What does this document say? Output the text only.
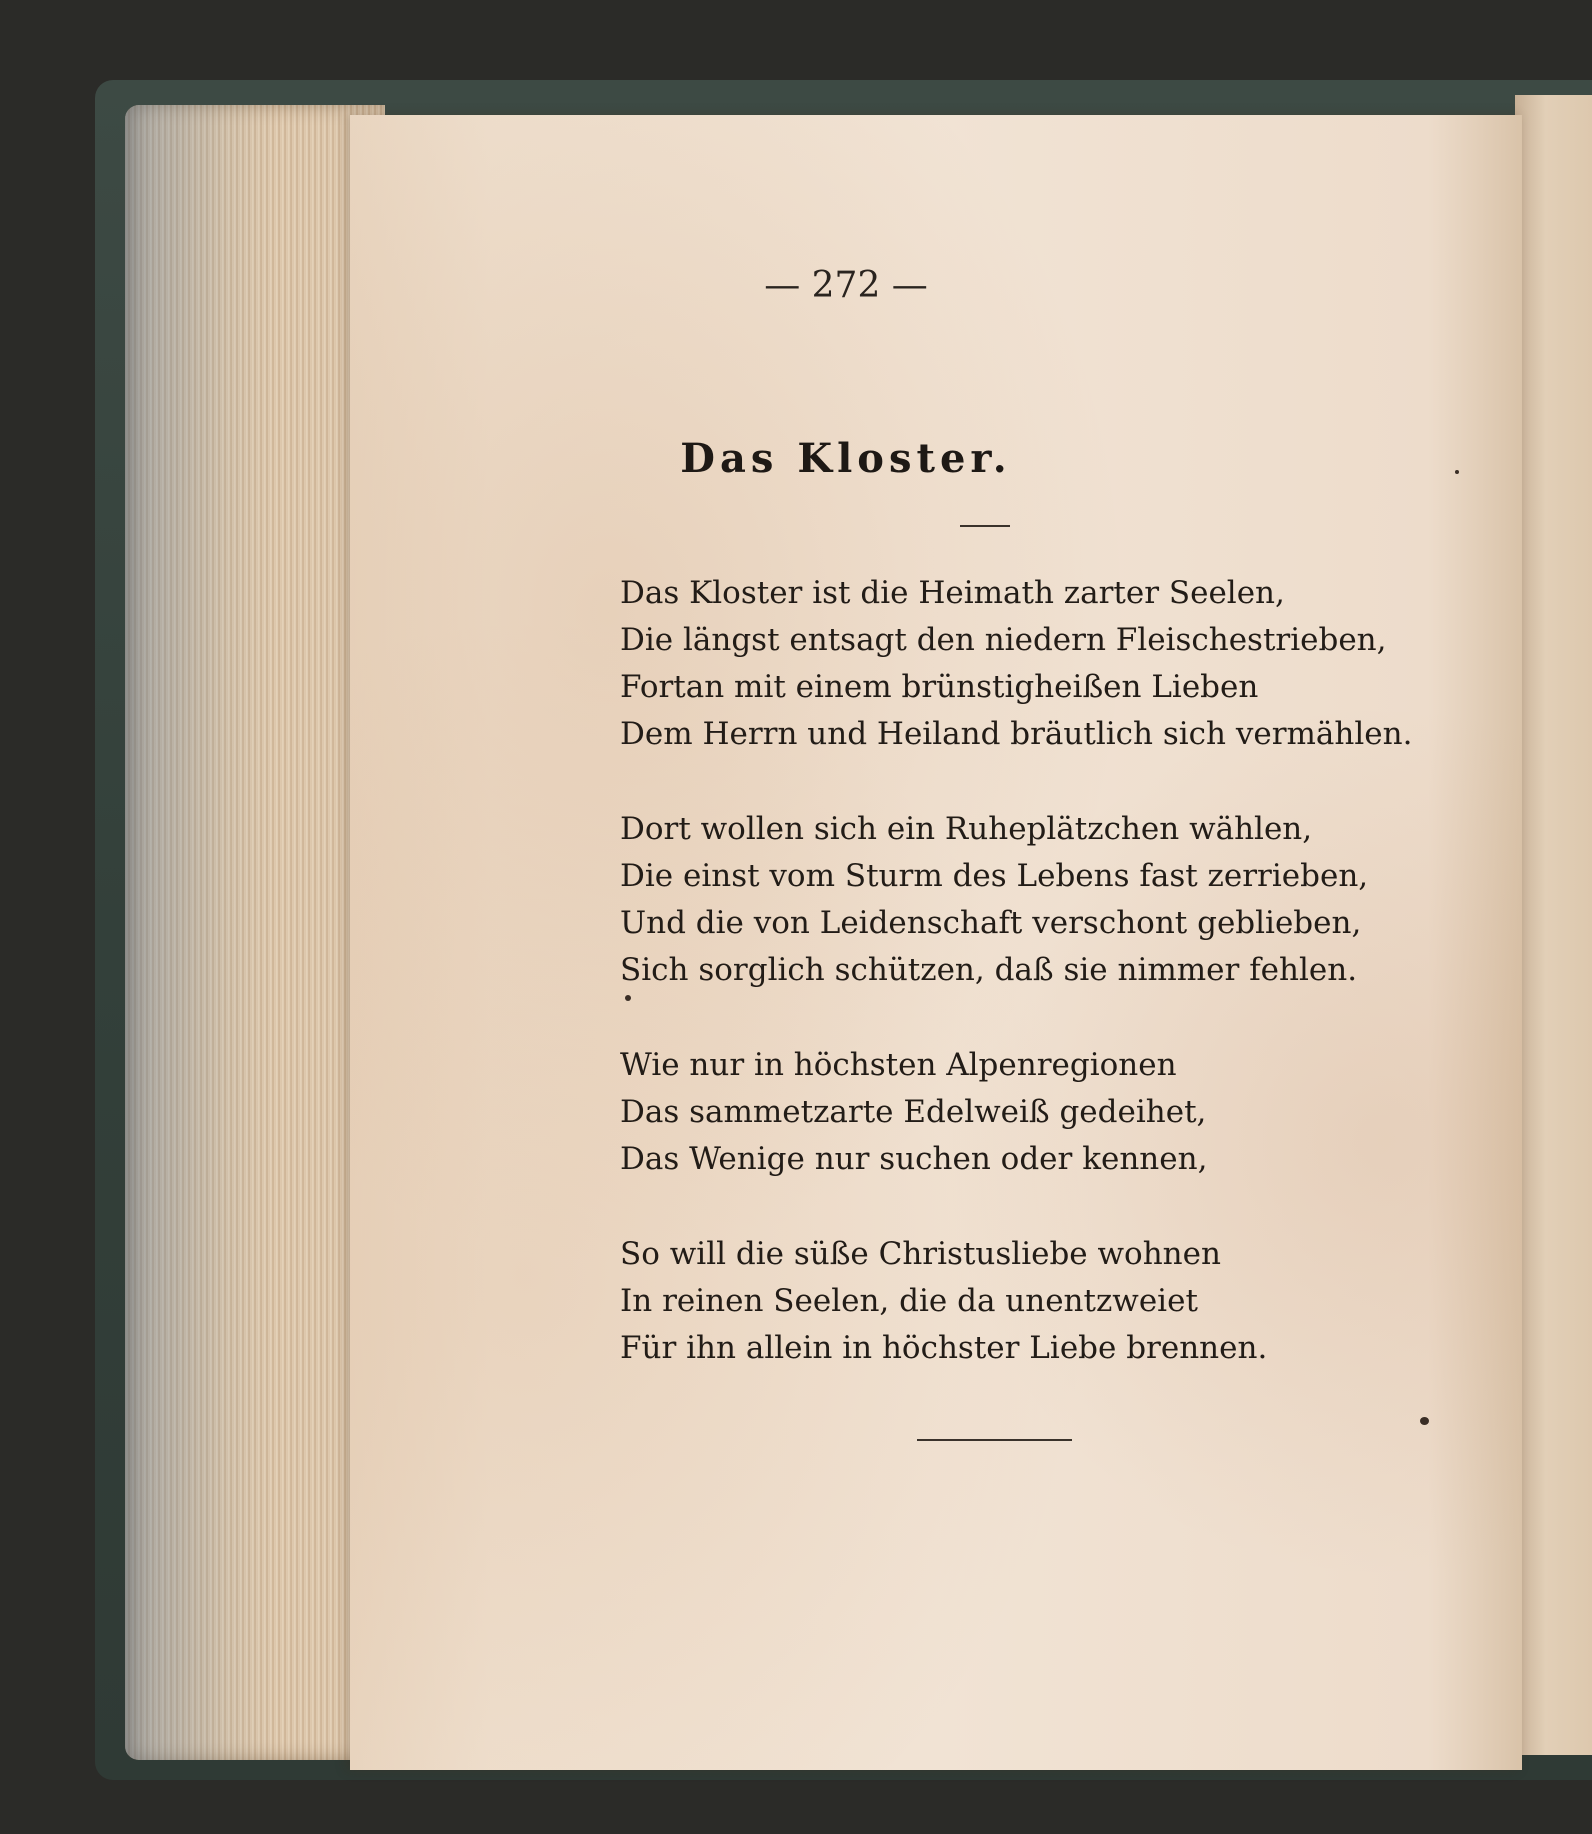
— 272 —
Das Kloster.
Das Kloster ist die Heimath zarter Seelen,
Die längst entsagt den niedern Fleischestrieben,
Fortan mit einem brünstigheißen Lieben
Dem Herrn und Heiland bräutlich sich vermählen.
Dort wollen sich ein Ruheplätzchen wählen,
Die einst vom Sturm des Lebens fast zerrieben,
Und die von Leidenschaft verschont geblieben,
Sich sorglich schützen, daß sie nimmer fehlen.
Wie nur in höchsten Alpenregionen
Das sammetzarte Edelweiß gedeihet,
Das Wenige nur suchen oder kennen,
So will die süße Christusliebe wohnen
In reinen Seelen, die da unentzweiet
Für ihn allein in höchster Liebe brennen.
